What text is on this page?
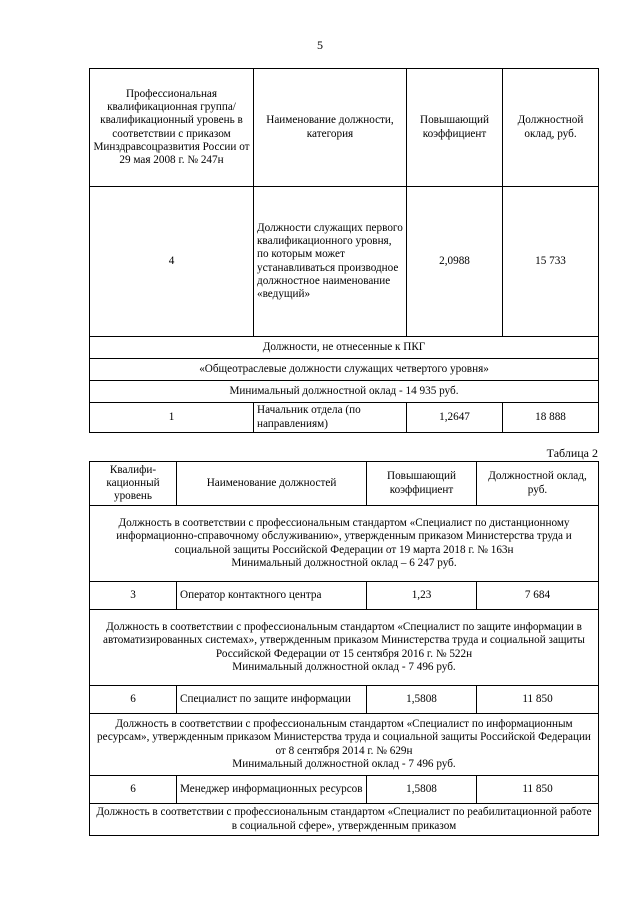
5
Профессиональная квалификационная группа/квалификационный уровень в соответствии с приказом Минздравсоцразвития России от 29 мая 2008 г. № 247н	Наименование должности, категория	Повышающий коэффициент	Должностной оклад, руб.
4	Должности служащих первого квалификационного уровня, по которым может устанавливаться производное должностное наименование «ведущий»	2,0988	15 733
Должности, не отнесенные к ПКГ			
«Общеотраслевые должности служащих четвертого уровня»			
Минимальный должностной оклад - 14 935 руб.			
1	Начальник отдела (по направлениям)	1,2647	18 888
Таблица 2
Квалифи-кационный уровень	Наименование должностей	Повышающий коэффициент	Должностной оклад, руб.

Должность в соответствии с профессиональным стандартом «Специалист по дистанционному информационно-справочному обслуживанию», утвержденным приказом Министерства труда и социальной защиты Российской Федерации от 19 марта 2018 г. № 163н
Минимальный должностной оклад – 6 247 руб.			

3	Оператор контактного центра	1,23	7 684

Должность в соответствии с профессиональным стандартом «Специалист по защите информации в автоматизированных системах», утвержденным приказом Министерства труда и социальной защиты Российской Федерации от 15 сентября 2016 г. № 522н
Минимальный должностной оклад - 7 496 руб.			

6	Специалист по защите информации	1,5808	11 850

Должность в соответствии с профессиональным стандартом «Специалист по информационным ресурсам», утвержденным приказом Министерства труда и социальной защиты Российской Федерации от 8 сентября 2014 г. № 629н
Минимальный должностной оклад - 7 496 руб.			

6	Менеджер информационных ресурсов	1,5808	11 850
Должность в соответствии с профессиональным стандартом «Специалист по реабилитационной работе в социальной сфере», утвержденным приказом			
